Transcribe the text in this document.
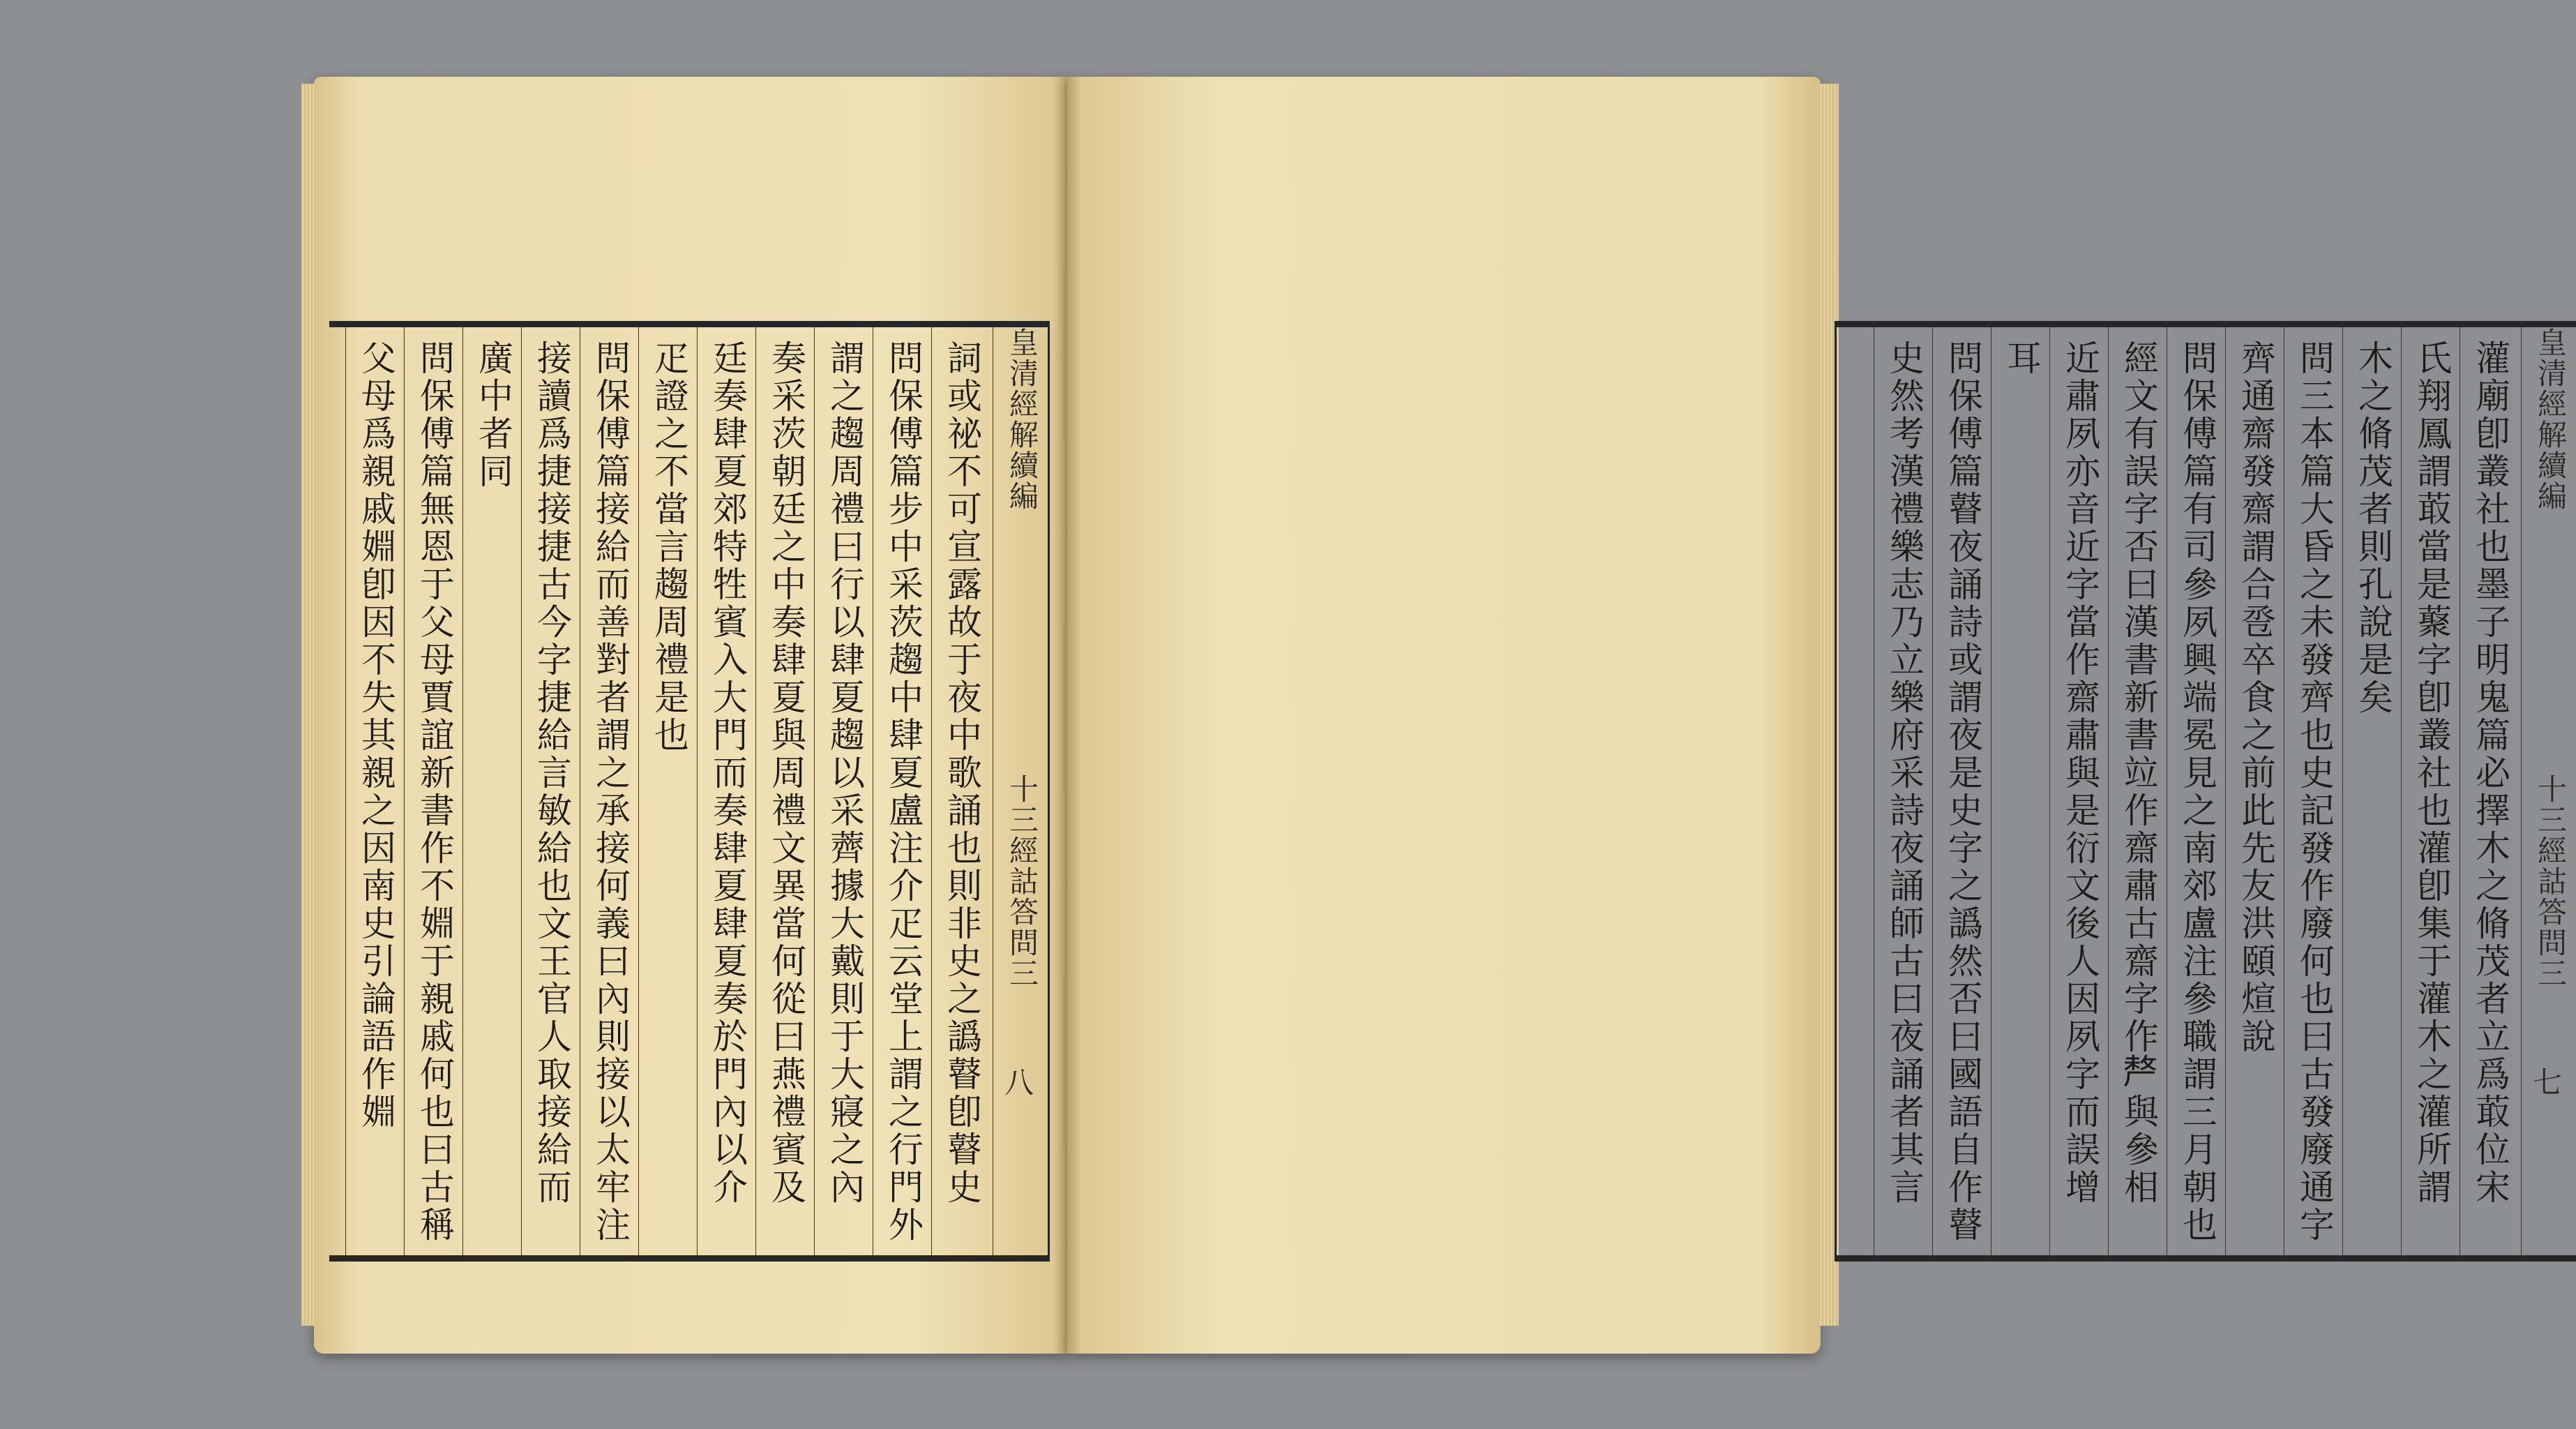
皇清經解續編
十三經詁答問三
八
詞或祕不可宣露故于夜中歌誦也則非史之譌瞽卽瞽史
問保傅篇步中采茨趨中肆夏盧注介疋云堂上謂之行門外
謂之趨周禮曰行以肆夏趨以采薺據大戴則于大寢之內
奏采茨朝廷之中奏肆夏與周禮文異當何從曰燕禮賓及
廷奏肆夏郊特牲賓入大門而奏肆夏肆夏奏於門內以介
疋證之不當言趨周禮是也
問保傅篇接給而善對者謂之承接何義曰內則接以太牢注
接讀爲捷接捷古今字捷給言敏給也文王官人取接給而
廣中者同
問保傅篇無恩于父母賈誼新書作不婣于親戚何也曰古稱
父母爲親戚婣卽因不失其親之因南史引論語作婣	皇清經解續編
十三經詁答問三
七
灌廟卽叢社也墨子明鬼篇必擇木之脩茂者立爲菆位宋
氏翔鳳謂菆當是藂字卽叢社也灌卽集于灌木之灌所謂
木之脩茂者則孔說是矣
問三本篇大昏之未發齊也史記發作廢何也曰古發廢通字
齊通齋發齋謂合卺卒食之前此先友洪頤煊說
問保傅篇有司參夙興端冕見之南郊盧注參職謂三月朝也
經文有誤字否曰漢書新書竝作齋肅古齋字作𠩺與參相
近肅夙亦音近字當作齋肅與是衍文後人因夙字而誤增
耳
問保傅篇瞽夜誦詩或謂夜是史字之譌然否曰國語自作瞽
史然考漢禮樂志乃立樂府采詩夜誦師古曰夜誦者其言
